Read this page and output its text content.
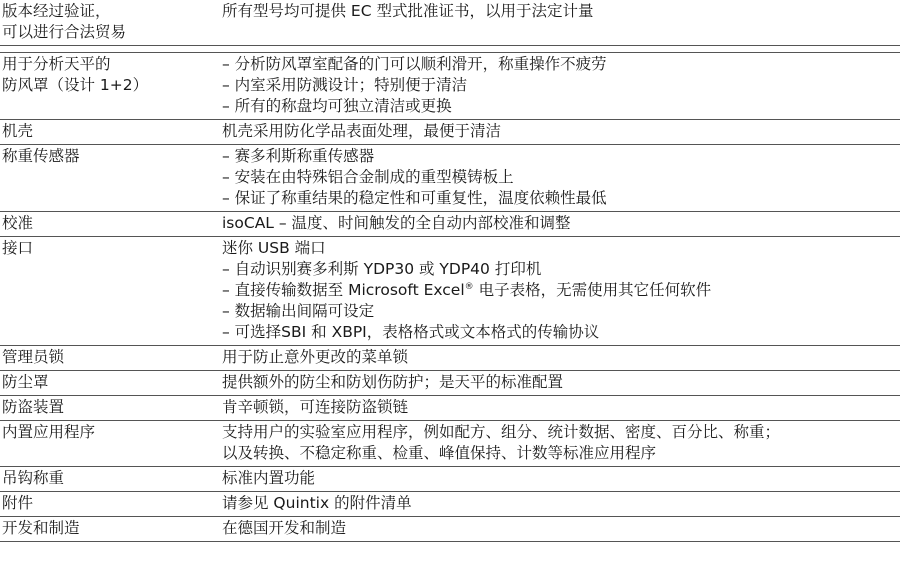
版本经过验证，
可以进行合法贸易	所有型号均可提供 EC 型式批准证书，以用于法定计量

用于分析天平的
防风罩（设计 1+2）	– 分析防风罩室配备的门可以顺利滑开，称重操作不疲劳
– 内室采用防溅设计；特别便于清洁
– 所有的称盘均可独立清洁或更换

机壳	机壳采用防化学品表面处理，最便于清洁

称重传感器	– 赛多利斯称重传感器
– 安装在由特殊铝合金制成的重型模铸板上
– 保证了称重结果的稳定性和可重复性，温度依赖性最低

校准	isoCAL – 温度、时间触发的全自动内部校准和调整

接口	迷你 USB 端口
– 自动识别赛多利斯 YDP30 或 YDP40 打印机
– 直接传输数据至 Microsoft Excel® 电子表格，无需使用其它任何软件
– 数据输出间隔可设定
– 可选择SBI 和 XBPI，表格格式或文本格式的传输协议

管理员锁	用于防止意外更改的菜单锁

防尘罩	提供额外的防尘和防划伤防护；是天平的标准配置

防盗装置	肯辛顿锁，可连接防盗锁链

内置应用程序	支持用户的实验室应用程序，例如配方、组分、统计数据、密度、百分比、称重；
以及转换、不稳定称重、检重、峰值保持、计数等标准应用程序

吊钩称重	标准内置功能

附件	请参见 Quintix 的附件清单

开发和制造	在德国开发和制造
